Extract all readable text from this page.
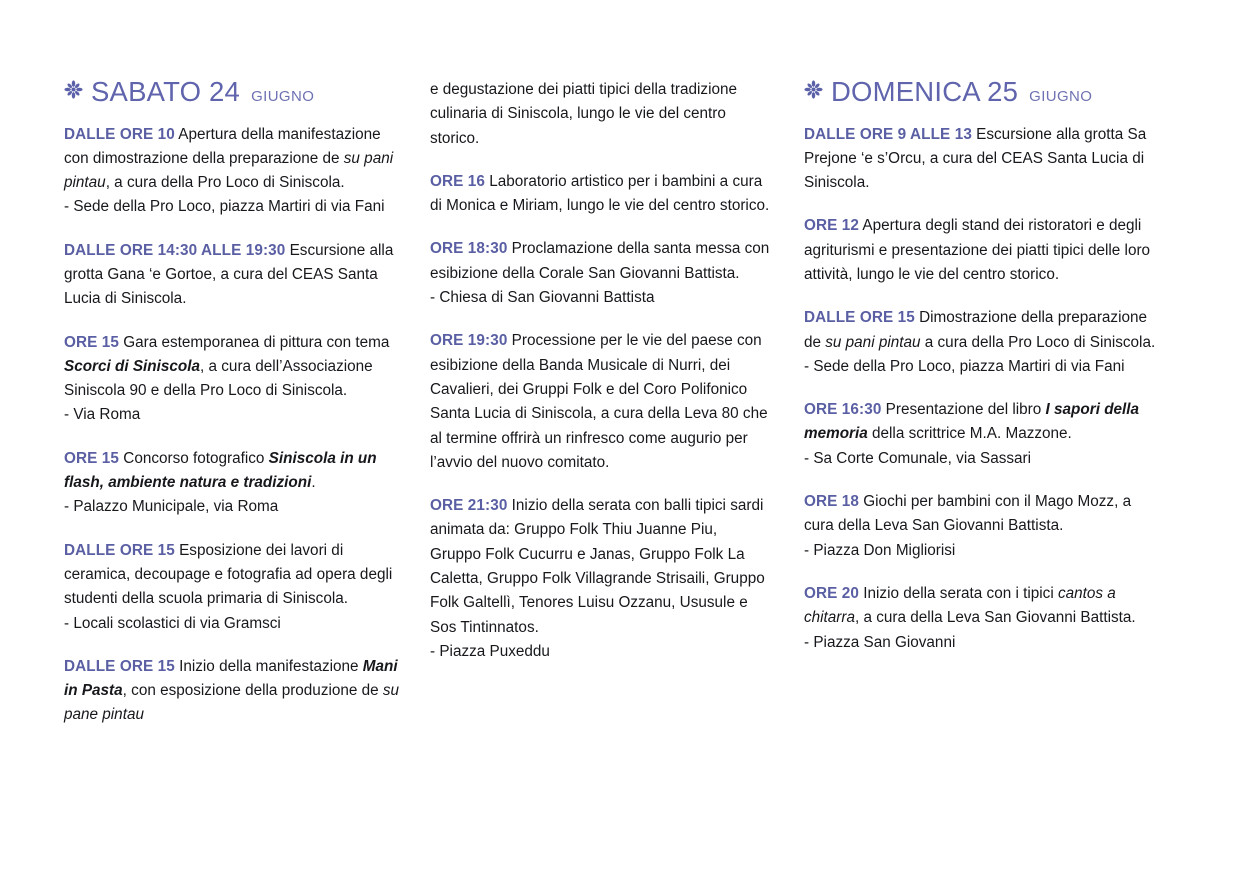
SABATO 24 GIUGNO

DALLE ORE 10 Apertura della manifestazione con dimostrazione della preparazione de su pani pintau, a cura della Pro Loco di Siniscola.
- Sede della Pro Loco, piazza Martiri di via Fani

DALLE ORE 14:30 ALLE 19:30 Escursione alla grotta Gana ‘e Gortoe, a cura del CEAS Santa Lucia di Siniscola.

ORE 15 Gara estemporanea di pittura con tema Scorci di Siniscola, a cura dell’Associazione Siniscola 90 e della Pro Loco di Siniscola.
- Via Roma

ORE 15 Concorso fotografico Siniscola in un flash, ambiente natura e tradizioni.
- Palazzo Municipale, via Roma

DALLE ORE 15 Esposizione dei lavori di ceramica, decoupage e fotografia ad opera degli studenti della scuola primaria di Siniscola.
- Locali scolastici di via Gramsci

DALLE ORE 15 Inizio della manifestazione Mani in Pasta, con esposizione della produzione de su pane pintau

e degustazione dei piatti tipici della tradizione culinaria di Siniscola, lungo le vie del centro storico.

ORE 16 Laboratorio artistico per i bambini a cura di Monica e Miriam, lungo le vie del centro storico.

ORE 18:30 Proclamazione della santa messa con esibizione della Corale San Giovanni Battista.
- Chiesa di San Giovanni Battista

ORE 19:30 Processione per le vie del paese con esibizione della Banda Musicale di Nurri, dei Cavalieri, dei Gruppi Folk e del Coro Polifonico Santa Lucia di Siniscola, a cura della Leva 80 che al termine offrirà un rinfresco come augurio per l’avvio del nuovo comitato.

ORE 21:30 Inizio della serata con balli tipici sardi animata da: Gruppo Folk Thiu Juanne Piu, Gruppo Folk Cucurru e Janas, Gruppo Folk La Caletta, Gruppo Folk Villagrande Strisaili, Gruppo Folk Galtellì, Tenores Luisu Ozzanu, Ususule e Sos Tintinnatos.
- Piazza Puxeddu

DOMENICA 25 GIUGNO

DALLE ORE 9 ALLE 13 Escursione alla grotta Sa Prejone ‘e s’Orcu, a cura del CEAS Santa Lucia di Siniscola.

ORE 12 Apertura degli stand dei ristoratori e degli agriturismi e presentazione dei piatti tipici delle loro attività, lungo le vie del centro storico.

DALLE ORE 15 Dimostrazione della preparazione de su pani pintau a cura della Pro Loco di Siniscola.
- Sede della Pro Loco, piazza Martiri di via Fani

ORE 16:30 Presentazione del libro I sapori della memoria della scrittrice M.A. Mazzone.
- Sa Corte Comunale, via Sassari

ORE 18 Giochi per bambini con il Mago Mozz, a cura della Leva San Giovanni Battista.
- Piazza Don Migliorisi

ORE 20 Inizio della serata con i tipici cantos a chitarra, a cura della Leva San Giovanni Battista.
- Piazza San Giovanni
